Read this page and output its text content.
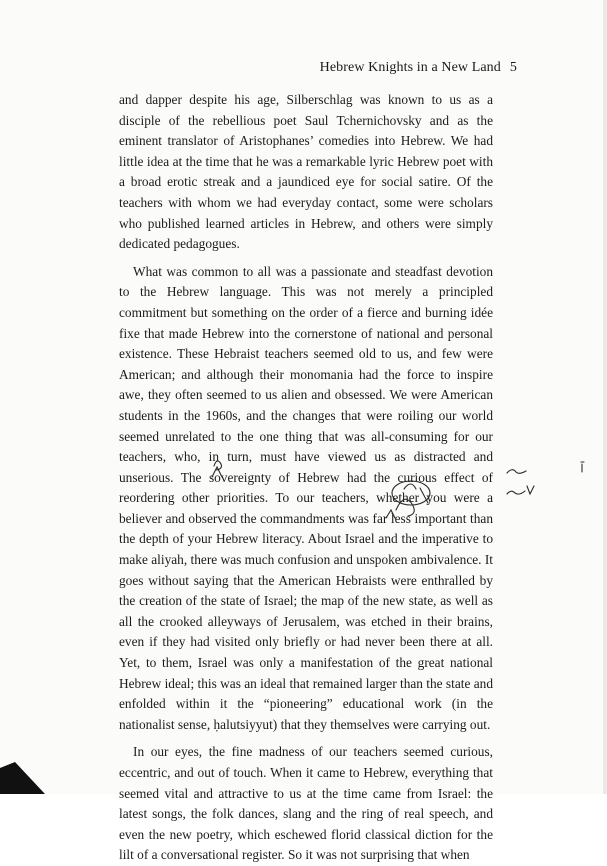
Hebrew Knights in a New Land 5

and dapper despite his age, Silberschlag was known to us as a disciple of the rebellious poet Saul Tchernichovsky and as the eminent translator of Aristophanes’ comedies into Hebrew. We had little idea at the time that he was a remarkable lyric Hebrew poet with a broad erotic streak and a jaundiced eye for social satire. Of the teachers with whom we had everyday contact, some were scholars who published learned articles in Hebrew, and others were simply dedicated pedagogues.

What was common to all was a passionate and steadfast devotion to the Hebrew language. This was not merely a principled commitment but something on the order of a fierce and burning idée fixe that made Hebrew into the cornerstone of national and personal existence. These Hebraist teachers seemed old to us, and few were American; and although their monomania had the force to inspire awe, they often seemed to us alien and obsessed. We were American students in the 1960s, and the changes that were roiling our world seemed unrelated to the one thing that was all-consuming for our teachers, who, in turn, must have viewed us as distracted and unserious. The sovereignty of Hebrew had the curious effect of reordering other priorities. To our teachers, whether you were a believer and observed the commandments was far less important than the depth of your Hebrew literacy. About Israel and the imperative to make aliyah, there was much confusion and unspoken ambivalence. It goes without saying that the American Hebraists were enthralled by the creation of the state of Israel; the map of the new state, as well as all the crooked alleyways of Jerusalem, was etched in their brains, even if they had visited only briefly or had never been there at all. Yet, to them, Israel was only a manifestation of the great national Hebrew ideal; this was an ideal that remained larger than the state and enfolded within it the “pioneering” educational work (in the nationalist sense, ḥalutsiyyut) that they themselves were carrying out.

In our eyes, the fine madness of our teachers seemed curious, eccentric, and out of touch. When it came to Hebrew, everything that seemed vital and attractive to us at the time came from Israel: the latest songs, the folk dances, slang and the ring of real speech, and even the new poetry, which eschewed florid classical diction for the lilt of a conversational register. So it was not surprising that when
